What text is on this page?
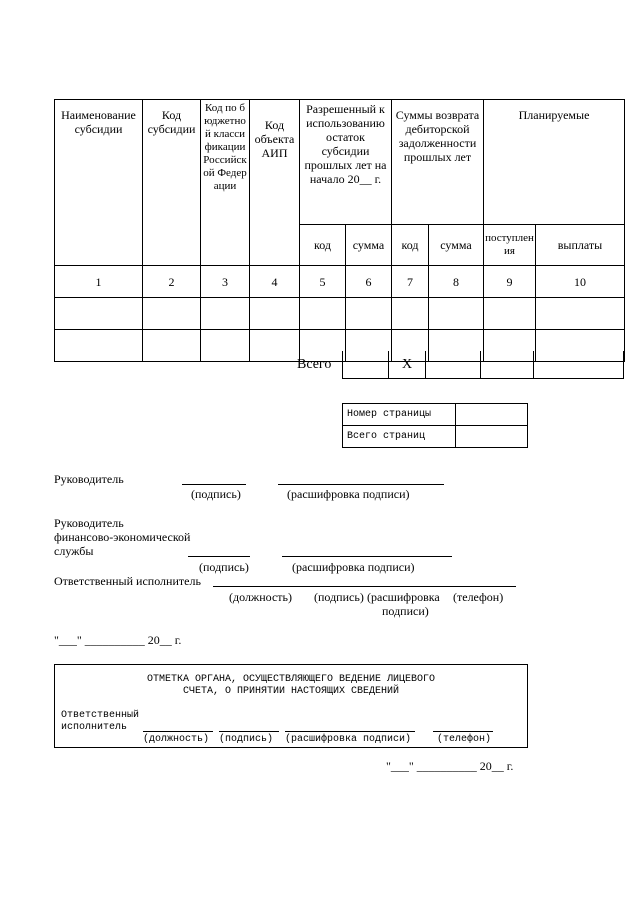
Наименование субсидии	Код субсидии	Код по бюджетной классификации Российской Федерации	Код объекта АИП	Разрешенный к использованию остаток субсидии прошлых лет на начало 20__ г.		Суммы возврата дебиторской задолженности прошлых лет		Планируемые	
				код	сумма	код	сумма	поступления	выплаты
1	2	3	4	5	6	7	8	9	10

Всего	X
Номер страницы	
Всего страниц	
Руководитель
(подпись)	(расшифровка подписи)
Руководитель
финансово-экономической
службы
(подпись)	(расшифровка подписи)
Ответственный исполнитель
(должность) (подпись) (расшифровка (телефон)
подписи)
"___" __________ 20__ г.
ОТМЕТКА ОРГАНА, ОСУЩЕСТВЛЯЮЩЕГО ВЕДЕНИЕ ЛИЦЕВОГО
СЧЕТА, О ПРИНЯТИИ НАСТОЯЩИХ СВЕДЕНИЙ
Ответственный
исполнитель
(должность) (подпись) (расшифровка подписи)	(телефон)
"___" __________ 20__ г.
